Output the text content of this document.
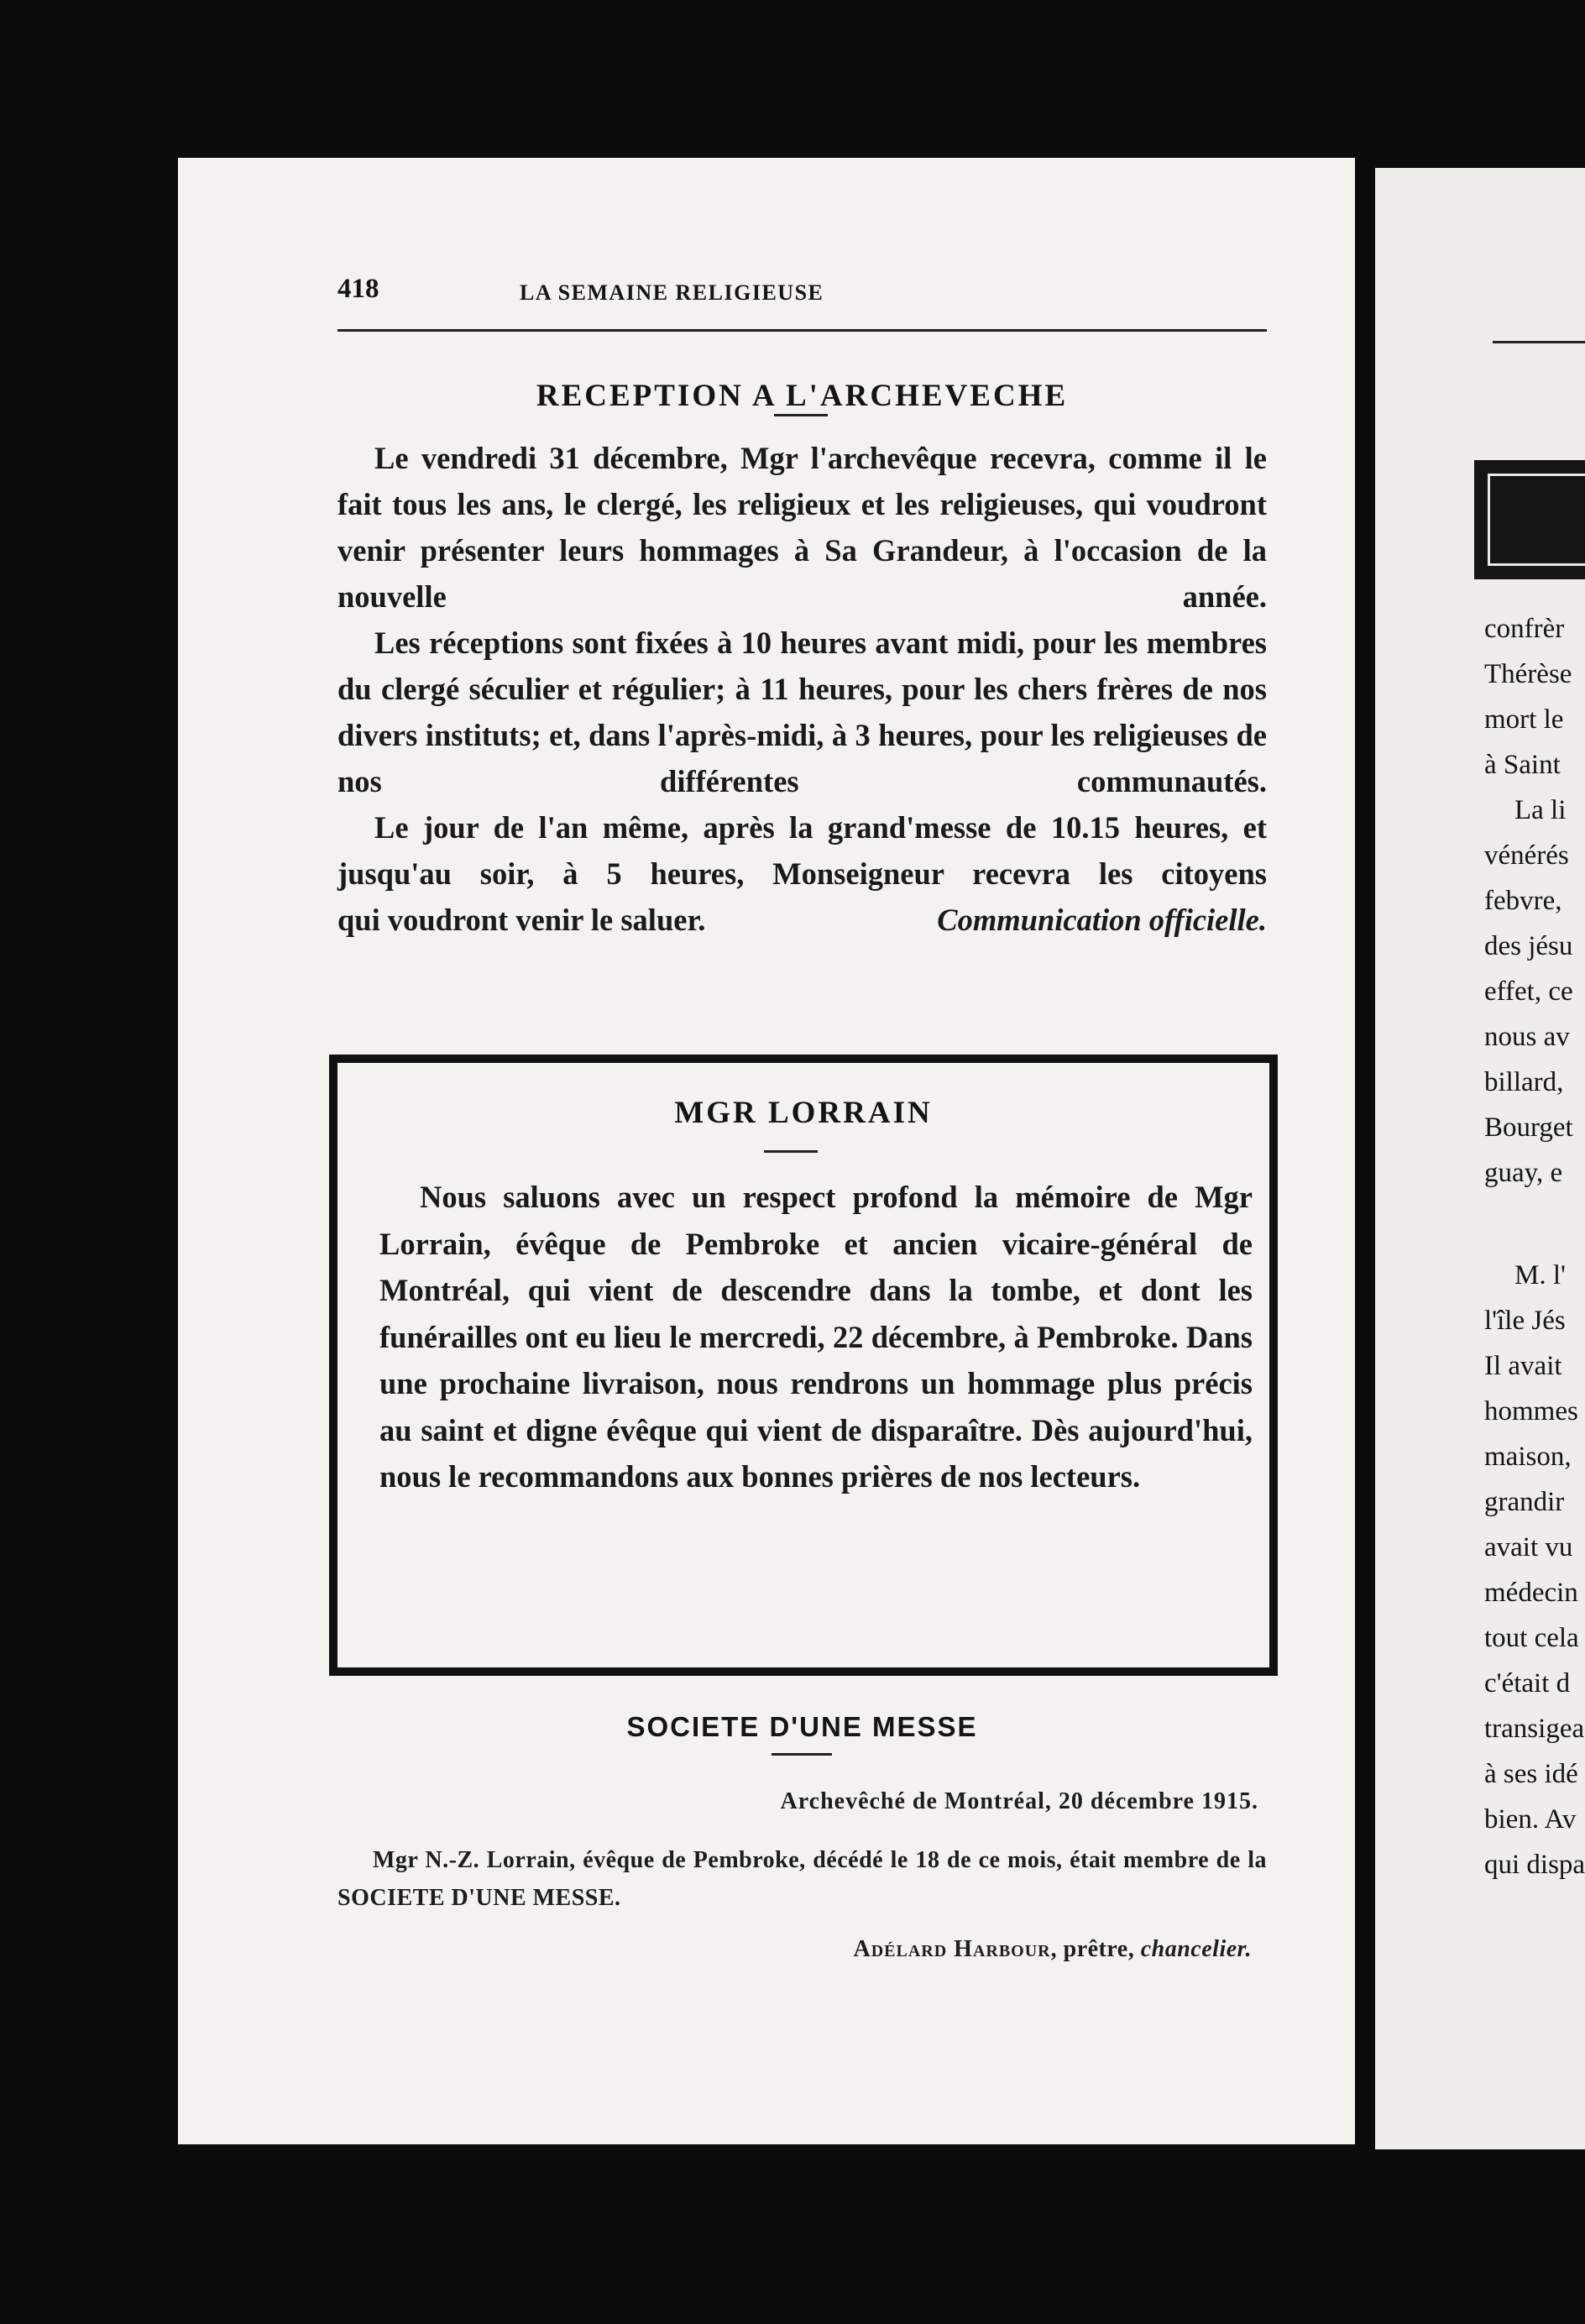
418	LA SEMAINE RELIGIEUSE
RECEPTION A L'ARCHEVECHE
Le vendredi 31 décembre, Mgr l'archevêque recevra, comme il le fait tous les ans, le clergé, les religieux et les religieuses, qui voudront venir présenter leurs hommages à Sa Grandeur, à l'occasion de la nouvelle année.
Les réceptions sont fixées à 10 heures avant midi, pour les membres du clergé séculier et régulier; à 11 heures, pour les chers frères de nos divers instituts; et, dans l'après-midi, à 3 heures, pour les religieuses de nos différentes communautés.
Le jour de l'an même, après la grand'messe de 10.15 heures, et jusqu'au soir, à 5 heures, Monseigneur recevra les citoyens
qui voudront venir le saluer.	Communication officielle.
MGR LORRAIN
Nous saluons avec un respect profond la mémoire de Mgr Lorrain, évêque de Pembroke et ancien vicaire-général de Montréal, qui vient de descendre dans la tombe, et dont les funérailles ont eu lieu le mercredi, 22 décembre, à Pembroke. Dans une prochaine livraison, nous rendrons un hommage plus précis au saint et digne évêque qui vient de disparaître. Dès aujourd'hui, nous le recommandons aux bonnes prières de nos lecteurs.
SOCIETE D'UNE MESSE
Archevêché de Montréal, 20 décembre 1915.
Mgr N.-Z. Lorrain, évêque de Pembroke, décédé le 18 de ce mois, était membre de la SOCIETE D'UNE MESSE.
Adélard Harbour, prêtre, chancelier.
confrèr
Thérèse
mort le
à Saint
La li
vénérés
febvre,
des jésu
effet, ce
nous av
billard,
Bourget
guay, e
M. l'
l'île Jés
Il avait
hommes
maison,
grandir
avait vu
médecin
tout cela
c'était d
transigea
à ses idé
bien. Av
qui dispa
